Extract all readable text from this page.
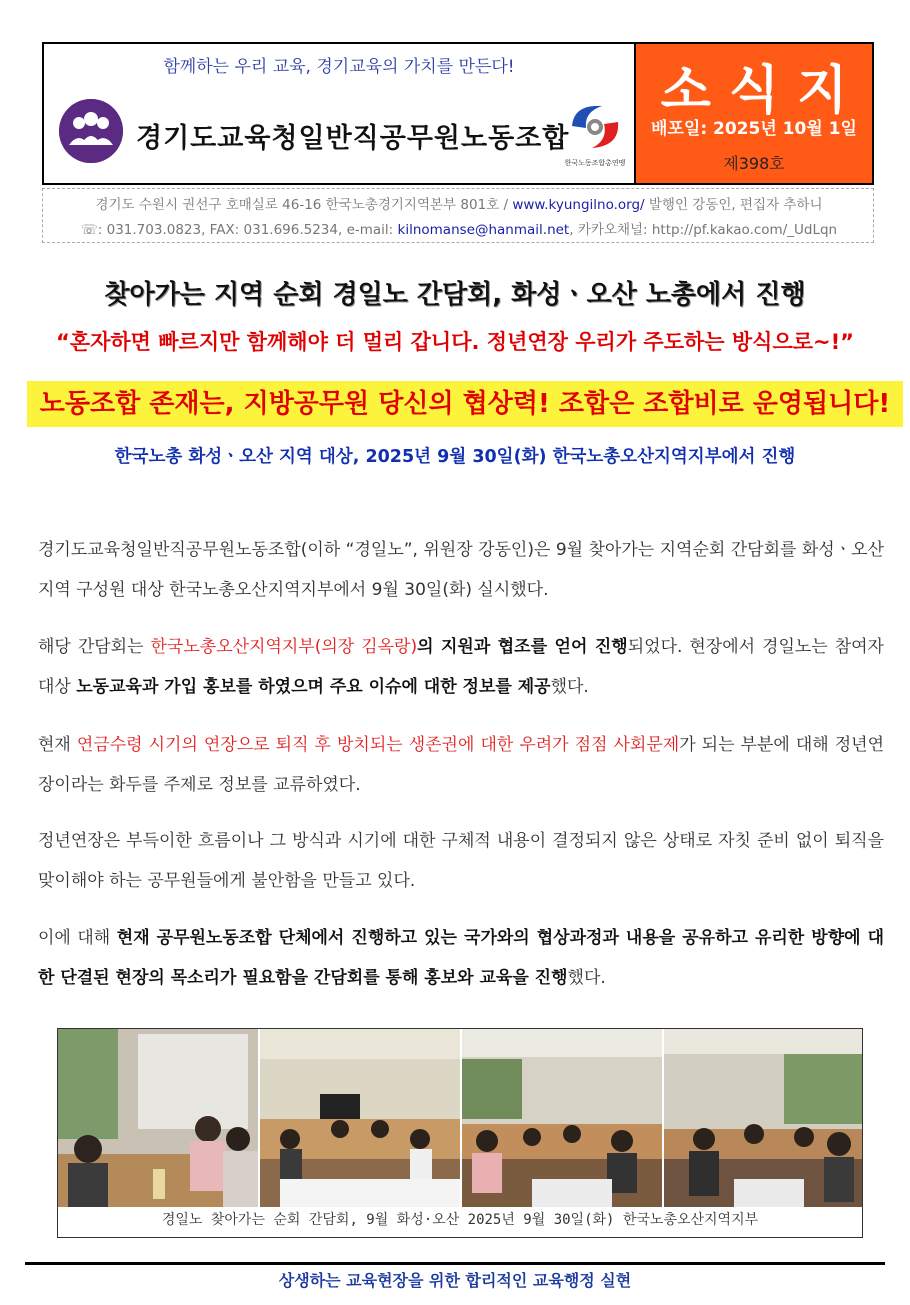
함께하는 우리 교육, 경기교육의 가치를 만든다!
경기도교육청일반직공무원노동조합
한국노동조합총연맹
소식지
배포일: 2025년 10월 1일
제398호
경기도 수원시 권선구 호매실로 46-16 한국노총경기지역본부 801호 / www.kyungilno.org/ 발행인 강동인, 편집자 추하니
☏: 031.703.0823, FAX: 031.696.5234, e-mail: kilnomanse@hanmail.net, 카카오채널: http://pf.kakao.com/_UdLqn
찾아가는 지역 순회 경일노 간담회, 화성ㆍ오산 노총에서 진행
“혼자하면 빠르지만 함께해야 더 멀리 갑니다. 정년연장 우리가 주도하는 방식으로~!”
노동조합 존재는, 지방공무원 당신의 협상력! 조합은 조합비로 운영됩니다!
한국노총 화성ㆍ오산 지역 대상, 2025년 9월 30일(화) 한국노총오산지역지부에서 진행
경기도교육청일반직공무원노동조합(이하 “경일노”, 위원장 강동인)은 9월 찾아가는 지역순회 간담회를 화성ㆍ오산 지역 구성원 대상 한국노총오산지역지부에서 9월 30일(화) 실시했다.
해당 간담회는 한국노총오산지역지부(의장 김옥랑)의 지원과 협조를 얻어 진행되었다. 현장에서 경일노는 참여자 대상 노동교육과 가입 홍보를 하였으며 주요 이슈에 대한 정보를 제공했다.
현재 연금수령 시기의 연장으로 퇴직 후 방치되는 생존권에 대한 우려가 점점 사회문제가 되는 부분에 대해 정년연장이라는 화두를 주제로 정보를 교류하였다.
정년연장은 부득이한 흐름이나 그 방식과 시기에 대한 구체적 내용이 결정되지 않은 상태로 자칫 준비 없이 퇴직을 맞이해야 하는 공무원들에게 불안함을 만들고 있다.
이에 대해 현재 공무원노동조합 단체에서 진행하고 있는 국가와의 협상과정과 내용을 공유하고 유리한 방향에 대한 단결된 현장의 목소리가 필요함을 간담회를 통해 홍보와 교육을 진행했다.
경일노 찾아가는 순회 간담회, 9월 화성·오산 2025년 9월 30일(화) 한국노총오산지역지부
상생하는 교육현장을 위한 합리적인 교육행정 실현
